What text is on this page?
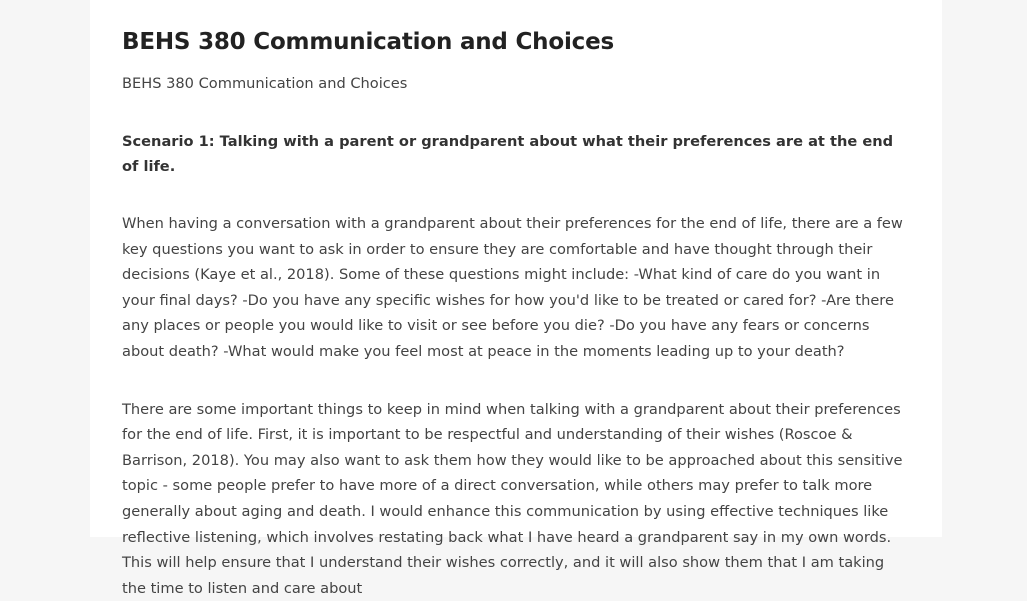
BEHS 380 Communication and Choices

BEHS 380 Communication and Choices

Scenario 1: Talking with a parent or grandparent about what their preferences are at the end of life.

When having a conversation with a grandparent about their preferences for the end of life, there are a few key questions you want to ask in order to ensure they are comfortable and have thought through their decisions (Kaye et al., 2018). Some of these questions might include: -What kind of care do you want in your final days? -Do you have any specific wishes for how you'd like to be treated or cared for? -Are there any places or people you would like to visit or see before you die? -Do you have any fears or concerns about death? -What would make you feel most at peace in the moments leading up to your death?

There are some important things to keep in mind when talking with a grandparent about their preferences for the end of life. First, it is important to be respectful and understanding of their wishes (Roscoe & Barrison, 2018). You may also want to ask them how they would like to be approached about this sensitive topic - some people prefer to have more of a direct conversation, while others may prefer to talk more generally about aging and death. I would enhance this communication by using effective techniques like reflective listening, which involves restating back what I have heard a grandparent say in my own words. This will help ensure that I understand their wishes correctly, and it will also show them that I am taking the time to listen and care about
